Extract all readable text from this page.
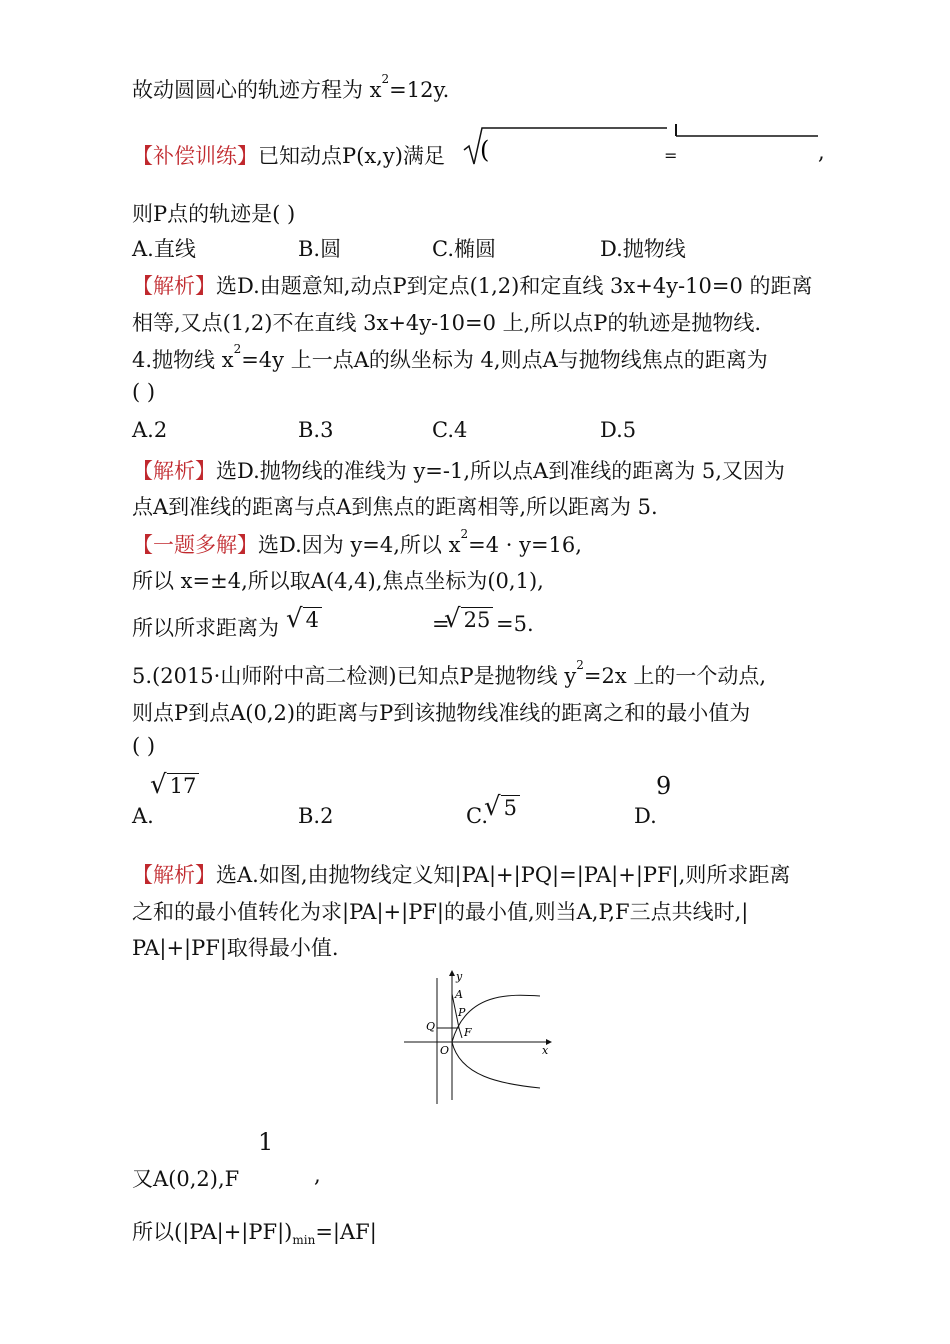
故动圆圆心的轨迹方程为 $x^2=12y$.
【补偿训练】已知动点P(x,y)满足 (	=	,
则P点的轨迹是( )
A.直线	B.圆	C.椭圆	D.抛物线
【解析】选D.由题意知,动点P到定点(1,2)和定直线 3x+4y-10=0 的距离
相等,又点(1,2)不在直线 3x+4y-10=0 上,所以点P的轨迹是抛物线.
4.抛物线 $x^2=4y$ 上一点A的纵坐标为 4,则点A与抛物线焦点的距离为
( )
A.2	B.3	C.4	D.5
【解析】选D.抛物线的准线为 y=-1,所以点A到准线的距离为 5,又因为
点A到准线的距离与点A到焦点的距离相等,所以距离为 5.
【一题多解】选D.因为 y=4,所以 $x^2=4 \cdot y=16$,
所以 x=±4,所以取A(4,4),焦点坐标为(0,1),
所以所求距离为 √ 4	=
√ 25 =5.
5.(2015·山师附中高二检测)已知点P是抛物线 $y^2=2x$ 上的一个动点,
则点P到点A(0,2)的距离与P到该抛物线准线的距离之和的最小值为
( )
A.
√ 17
B.2	C.
√ 5	D.
9
【解析】选A.如图,由抛物线定义知|PA|+|PQ|=|PA|+|PF|,则所求距离
之和的最小值转化为求|PA|+|PF|的最小值,则当A,P,F三点共线时,|
PA|+|PF|取得最小值.
y
x
A
P
Q	F
O
又A(0,2),F
1
,
所以$(|PA|+|PF|)_{min}=|AF|$
